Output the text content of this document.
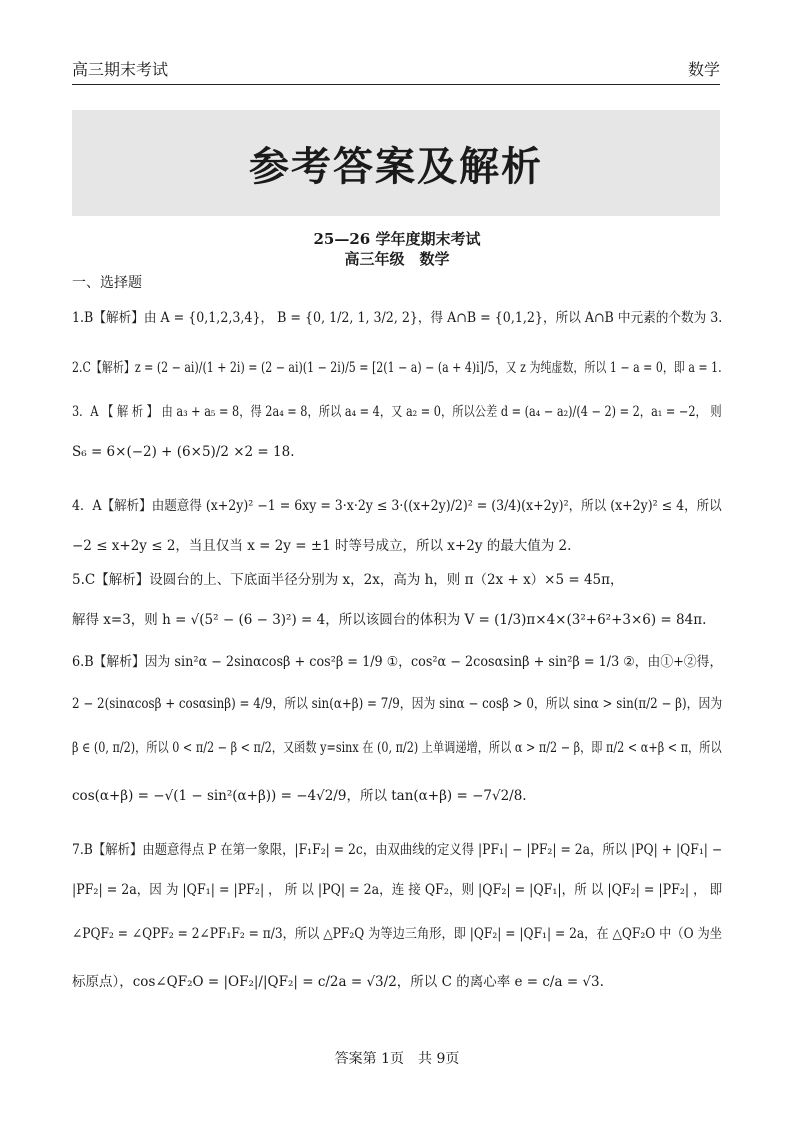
高三期末考试	数学
参考答案及解析
25—26 学年度期末考试
高三年级　数学
一、选择题
1.B【解析】由 A = {0,1,2,3,4}， B = {0, 1/2, 1, 3/2, 2}，得 A∩B = {0,1,2}，所以 A∩B 中元素的个数为 3.
2.C【解析】z = (2 − ai)/(1 + 2i) = (2 − ai)(1 − 2i)/5 = [2(1 − a) − (a + 4)i]/5，又 z 为纯虚数，所以 1 − a = 0，即 a = 1.
3．A 【 解 析 】 由 a₃ + a₅ = 8，得 2a₄ = 8，所以 a₄ = 4，又 a₂ = 0，所以公差 d = (a₄ − a₂)/(4 − 2) = 2，a₁ = −2， 则
S₆ = 6×(−2) + (6×5)/2 ×2 = 18.
4．A【解析】由题意得 (x+2y)² −1 = 6xy = 3·x·2y ≤ 3·((x+2y)/2)² = (3/4)(x+2y)²，所以 (x+2y)² ≤ 4，所以
−2 ≤ x+2y ≤ 2，当且仅当 x = 2y = ±1 时等号成立，所以 x+2y 的最大值为 2.
5.C【解析】设圆台的上、下底面半径分别为 x，2x，高为 h，则 π（2x + x）×5 = 45π，
解得 x=3，则 h = √(5² − (6 − 3)²) = 4，所以该圆台的体积为 V = (1/3)π×4×(3²+6²+3×6) = 84π.
6.B【解析】因为 sin²α − 2sinαcosβ + cos²β = 1/9 ①，cos²α − 2cosαsinβ + sin²β = 1/3 ②，由①+②得，
2 − 2(sinαcosβ + cosαsinβ) = 4/9，所以 sin(α+β) = 7/9，因为 sinα − cosβ > 0，所以 sinα > sin(π/2 − β)，因为
β ∈ (0, π/2)，所以 0 < π/2 − β < π/2，又函数 y=sinx 在 (0, π/2) 上单调递增，所以 α > π/2 − β，即 π/2 < α+β < π，所以
cos(α+β) = −√(1 − sin²(α+β)) = −4√2/9，所以 tan(α+β) = −7√2/8.
7.B【解析】由题意得点 P 在第一象限，|F₁F₂| = 2c，由双曲线的定义得 |PF₁| − |PF₂| = 2a，所以 |PQ| + |QF₁| −
|PF₂| = 2a，因 为 |QF₁| = |PF₂| ， 所 以 |PQ| = 2a，连 接 QF₂，则 |QF₂| = |QF₁|，所 以 |QF₂| = |PF₂| ， 即
∠PQF₂ = ∠QPF₂ = 2∠PF₁F₂ = π/3，所以 △PF₂Q 为等边三角形，即 |QF₂| = |QF₁| = 2a，在 △QF₂O 中（O 为坐
标原点），cos∠QF₂O = |OF₂|/|QF₂| = c/2a = √3/2，所以 C 的离心率 e = c/a = √3.
答案第 1页　共 9页
